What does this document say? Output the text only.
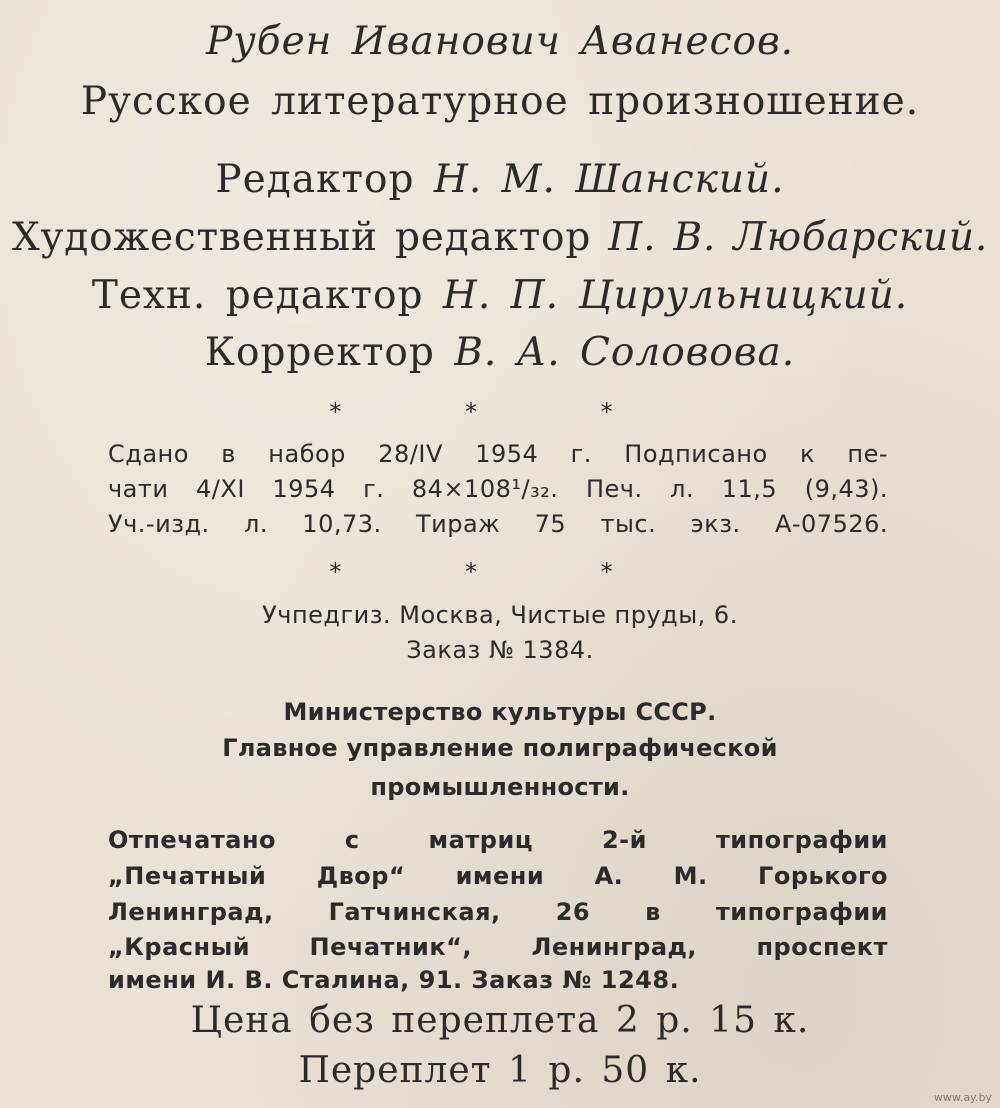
Рубен Иванович Аванесов.
Русское литературное произношение.
Редактор Н. М. Шанский.
Художественный редактор П. В. Любарский.
Техн. редактор Н. П. Цирульницкий.
Корректор В. А. Соловова.
* * *
Сдано в набор 28/IV 1954 г. Подписано к пе-
чати 4/XI 1954 г. 84×108¹/₃₂. Печ. л. 11,5 (9,43).
Уч.-изд. л. 10,73. Тираж 75 тыс. экз. А-07526.
* * *
Учпедгиз. Москва, Чистые пруды, 6.
Заказ № 1384.
Министерство культуры СССР.
Главное управление полиграфической
промышленности.
Отпечатано с матриц 2-й типографии
„Печатный Двор“ имени А. М. Горького
Ленинград, Гатчинская, 26 в типографии
„Красный Печатник“, Ленинград, проспект
имени И. В. Сталина, 91. Заказ № 1248.
Цена без переплета 2 р. 15 к.
Переплет 1 р. 50 к.
www.ay.by
